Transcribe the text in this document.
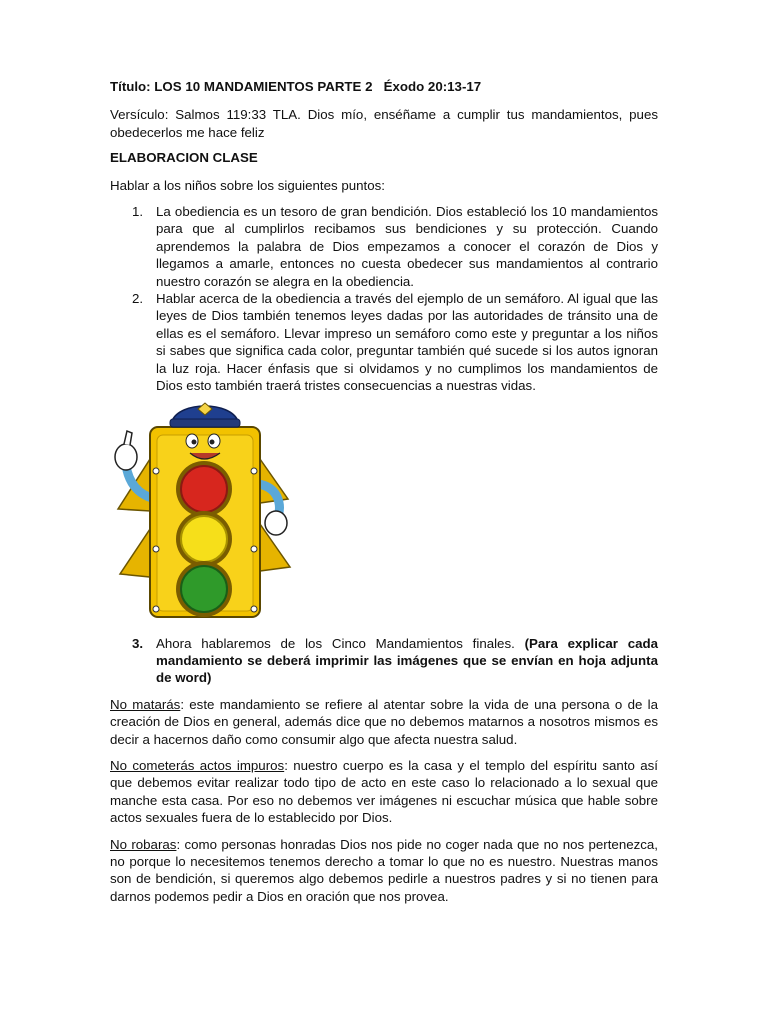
Título: LOS 10 MANDAMIENTOS PARTE 2 Éxodo 20:13-17

Versículo: Salmos 119:33 TLA. Dios mío, enséñame a cumplir tus mandamientos, pues obedecerlos me hace feliz

ELABORACION CLASE

Hablar a los niños sobre los siguientes puntos:

1. La obediencia es un tesoro de gran bendición. Dios estableció los 10 mandamientos para que al cumplirlos recibamos sus bendiciones y su protección. Cuando aprendemos la palabra de Dios empezamos a conocer el corazón de Dios y llegamos a amarle, entonces no cuesta obedecer sus mandamientos al contrario nuestro corazón se alegra en la obediencia.
2. Hablar acerca de la obediencia a través del ejemplo de un semáforo. Al igual que las leyes de Dios también tenemos leyes dadas por las autoridades de tránsito una de ellas es el semáforo. Llevar impreso un semáforo como este y preguntar a los niños si sabes que significa cada color, preguntar también qué sucede si los autos ignoran la luz roja. Hacer énfasis que si olvidamos y no cumplimos los mandamientos de Dios esto también traerá tristes consecuencias a nuestras vidas.
3. Ahora hablaremos de los Cinco Mandamientos finales. (Para explicar cada mandamiento se deberá imprimir las imágenes que se envían en hoja adjunta de word)

No matarás: este mandamiento se refiere al atentar sobre la vida de una persona o de la creación de Dios en general, además dice que no debemos matarnos a nosotros mismos es decir a hacernos daño como consumir algo que afecta nuestra salud.

No cometerás actos impuros: nuestro cuerpo es la casa y el templo del espíritu santo así que debemos evitar realizar todo tipo de acto en este caso lo relacionado a lo sexual que manche esta casa. Por eso no debemos ver imágenes ni escuchar música que hable sobre actos sexuales fuera de lo establecido por Dios.

No robaras: como personas honradas Dios nos pide no coger nada que no nos pertenezca, no porque lo necesitemos tenemos derecho a tomar lo que no es nuestro. Nuestras manos son de bendición, si queremos algo debemos pedirle a nuestros padres y si no tienen para darnos podemos pedir a Dios en oración que nos provea.
